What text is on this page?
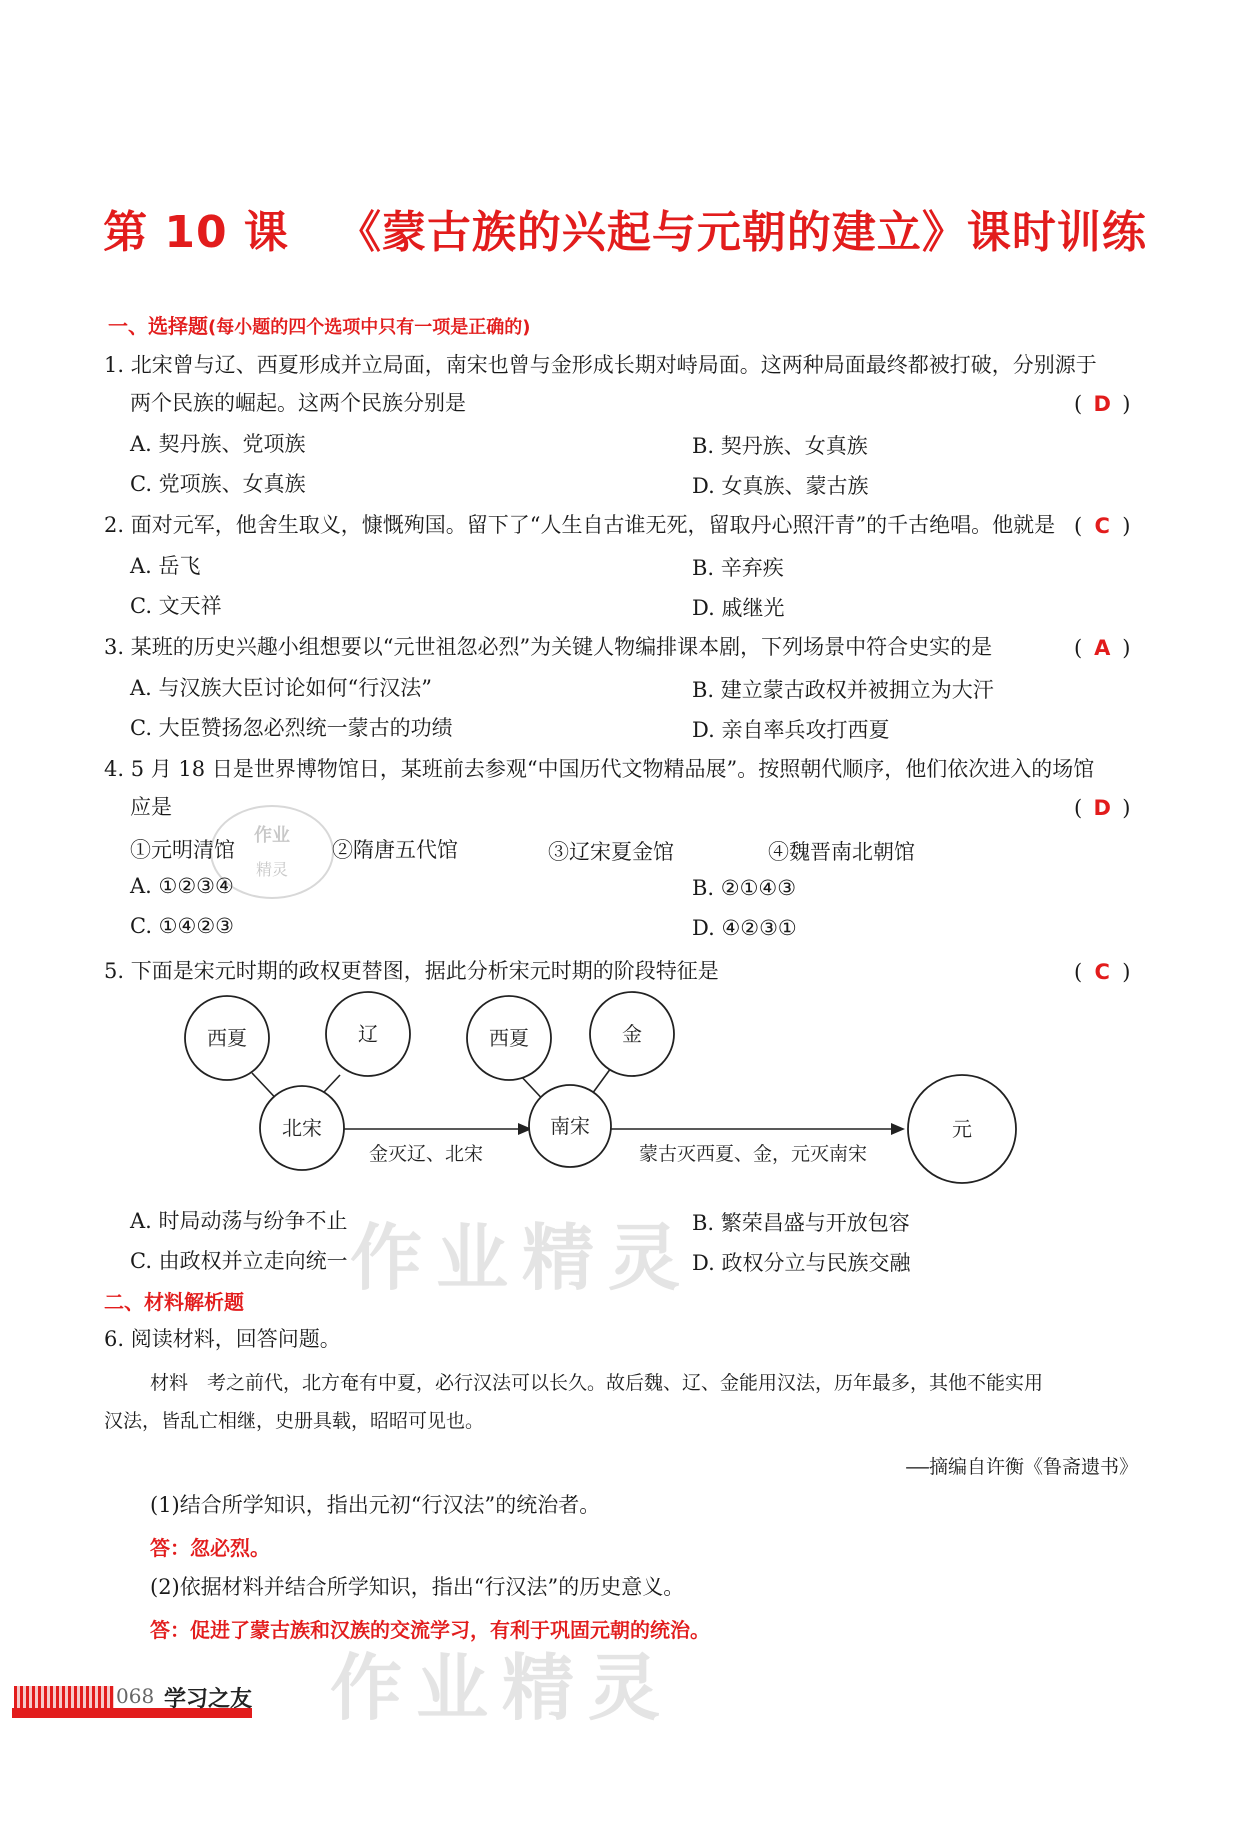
第 10 课 《蒙古族的兴起与元朝的建立》课时训练
一、选择题(每小题的四个选项中只有一项是正确的)
1. 北宋曾与辽、西夏形成并立局面，南宋也曾与金形成长期对峙局面。这两种局面最终都被打破，分别源于
两个民族的崛起。这两个民族分别是	( D )
A. 契丹族、党项族	B. 契丹族、女真族
C. 党项族、女真族	D. 女真族、蒙古族
2. 面对元军，他舍生取义，慷慨殉国。留下了“人生自古谁无死，留取丹心照汗青”的千古绝唱。他就是 ( C )
A. 岳飞	B. 辛弃疾
C. 文天祥	D. 戚继光
3. 某班的历史兴趣小组想要以“元世祖忽必烈”为关键人物编排课本剧，下列场景中符合史实的是	( A )
A. 与汉族大臣讨论如何“行汉法”	B. 建立蒙古政权并被拥立为大汗
C. 大臣赞扬忽必烈统一蒙古的功绩	D. 亲自率兵攻打西夏
4. 5 月 18 日是世界博物馆日，某班前去参观“中国历代文物精品展”。按照朝代顺序，他们依次进入的场馆
应是	( D )
作业
精灵
①元明清馆	②隋唐五代馆	③辽宋夏金馆	④魏晋南北朝馆
A. ①②③④	B. ②①④③
C. ①④②③	D. ④②③①
5. 下面是宋元时期的政权更替图，据此分析宋元时期的阶段特征是	( C )
西夏	辽
北宋
西夏	金
南宋	元
金灭辽、北宋	蒙古灭西夏、金，元灭南宋
作业精灵
作业精灵
A. 时局动荡与纷争不止	B. 繁荣昌盛与开放包容
C. 由政权并立走向统一	D. 政权分立与民族交融
二、材料解析题
6. 阅读材料，回答问题。
材料　考之前代，北方奄有中夏，必行汉法可以长久。故后魏、辽、金能用汉法，历年最多，其他不能实用
汉法，皆乱亡相继，史册具载，昭昭可见也。
——摘编自许衡《鲁斋遗书》
(1)结合所学知识，指出元初“行汉法”的统治者。
答：忽必烈。
(2)依据材料并结合所学知识，指出“行汉法”的历史意义。
答：促进了蒙古族和汉族的交流学习，有利于巩固元朝的统治。
068 学习之友
